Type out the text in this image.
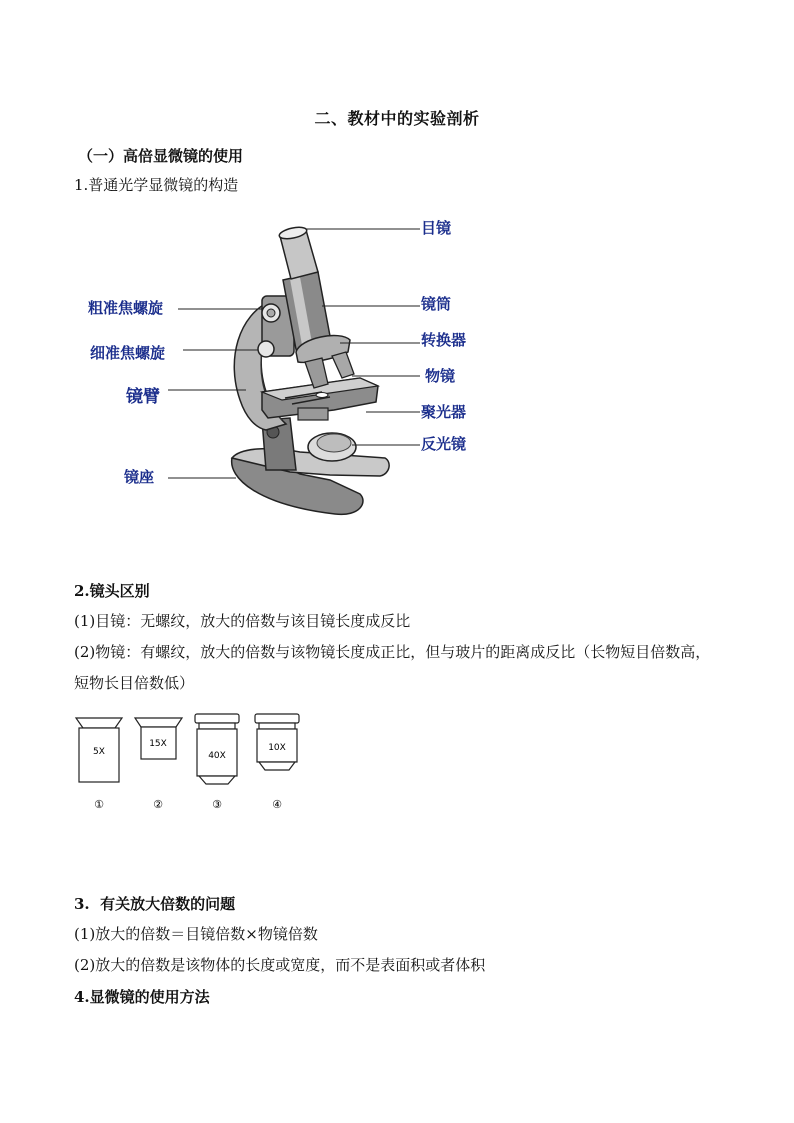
二、教材中的实验剖析
（一）高倍显微镜的使用
1.普通光学显微镜的构造
目镜
镜筒
粗准焦螺旋
转换器
细准焦螺旋
物镜
镜臂
聚光器
反光镜
镜座
2.镜头区别
(1)目镜：无螺纹，放大的倍数与该目镜长度成反比
(2)物镜：有螺纹，放大的倍数与该物镜长度成正比，但与玻片的距离成反比（长物短目倍数高，短物长目倍数低）
5X
15X
40X
10X
①	②	③	④
3.  有关放大倍数的问题
(1)放大的倍数＝目镜倍数×物镜倍数
(2)放大的倍数是该物体的长度或宽度，而不是表面积或者体积
4.显微镜的使用方法
